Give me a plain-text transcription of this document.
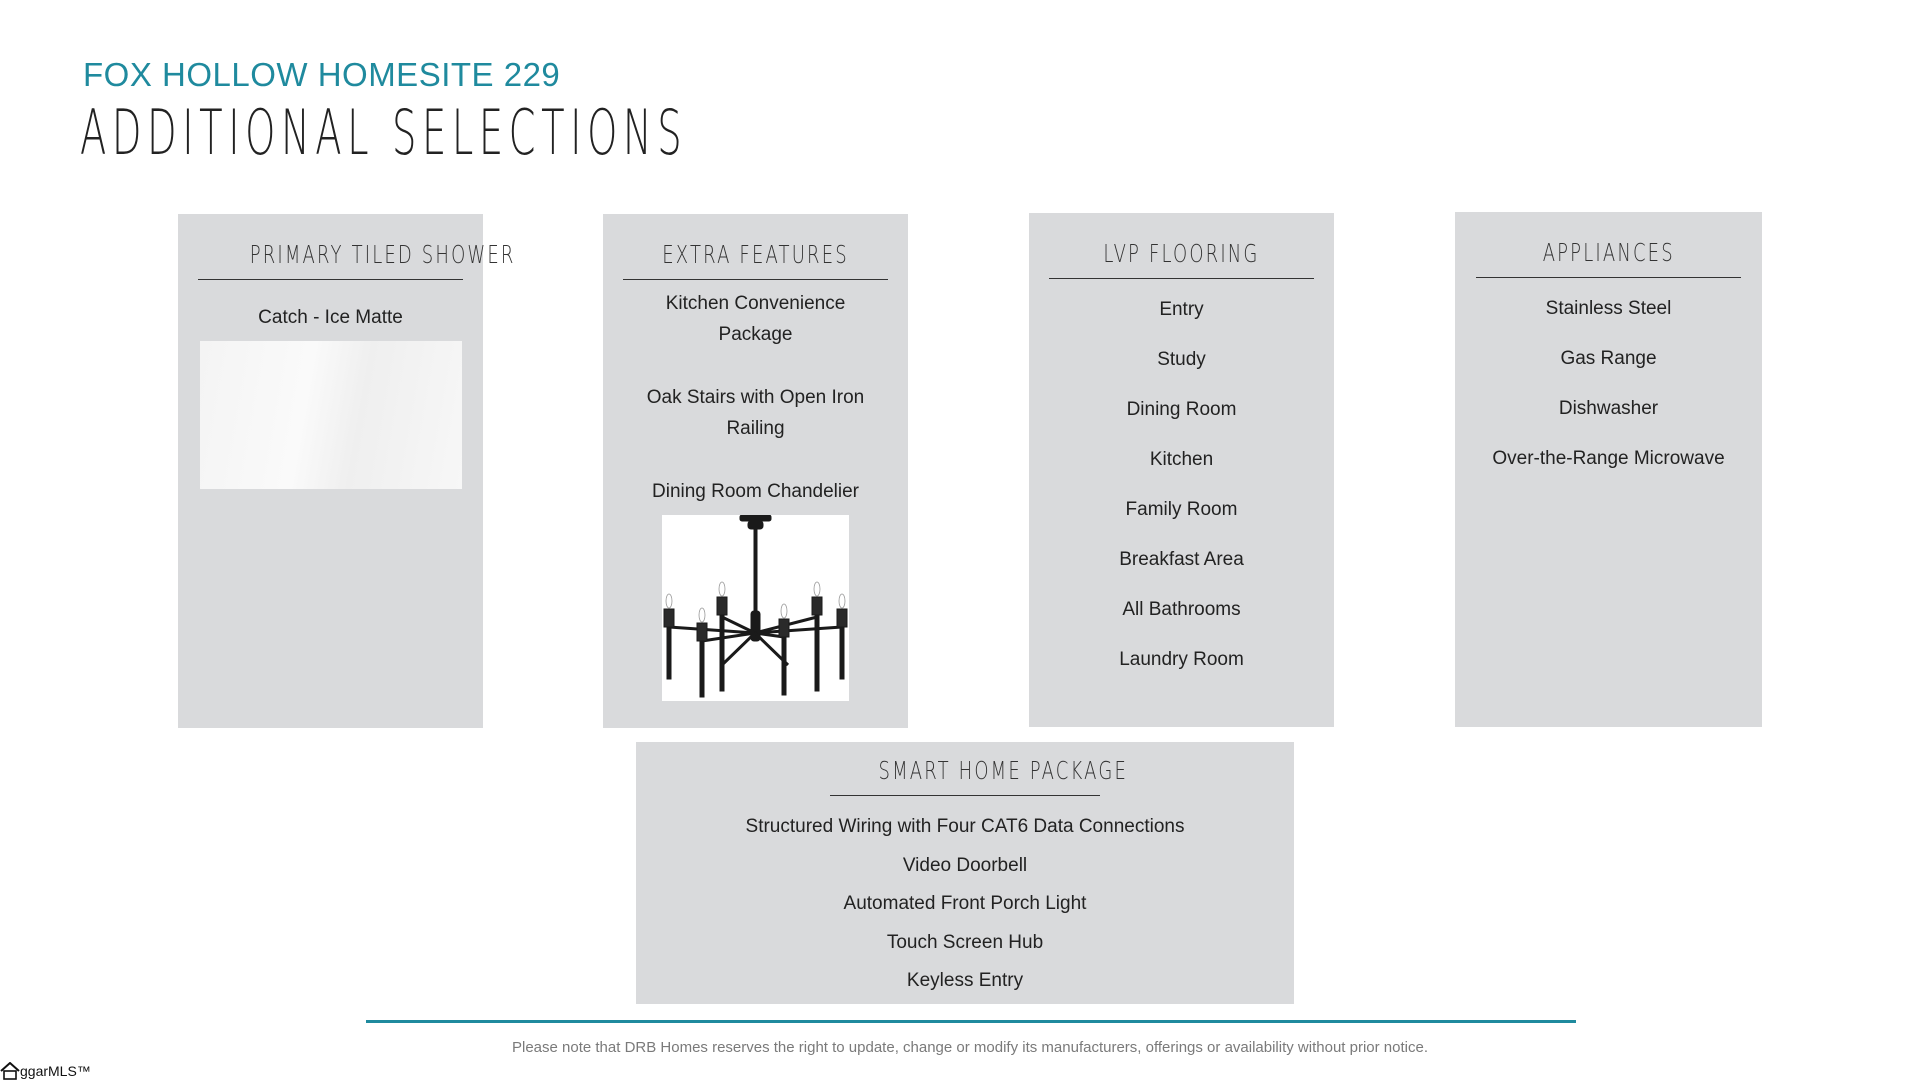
FOX HOLLOW HOMESITE 229
ADDITIONAL SELECTIONS
PRIMARY TILED SHOWER
Catch - Ice Matte
EXTRA FEATURES
Kitchen Convenience Package
Oak Stairs with Open Iron Railing
Dining Room Chandelier
LVP FLOORING
Entry
Study
Dining Room
Kitchen
Family Room
Breakfast Area
All Bathrooms
Laundry Room
APPLIANCES
Stainless Steel
Gas Range
Dishwasher
Over-the-Range Microwave
SMART HOME PACKAGE
Structured Wiring with Four CAT6 Data Connections
Video Doorbell
Automated Front Porch Light
Touch Screen Hub
Keyless Entry
Please note that DRB Homes reserves the right to update, change or modify its manufacturers, offerings or availability without prior notice.
ggarMLS™
